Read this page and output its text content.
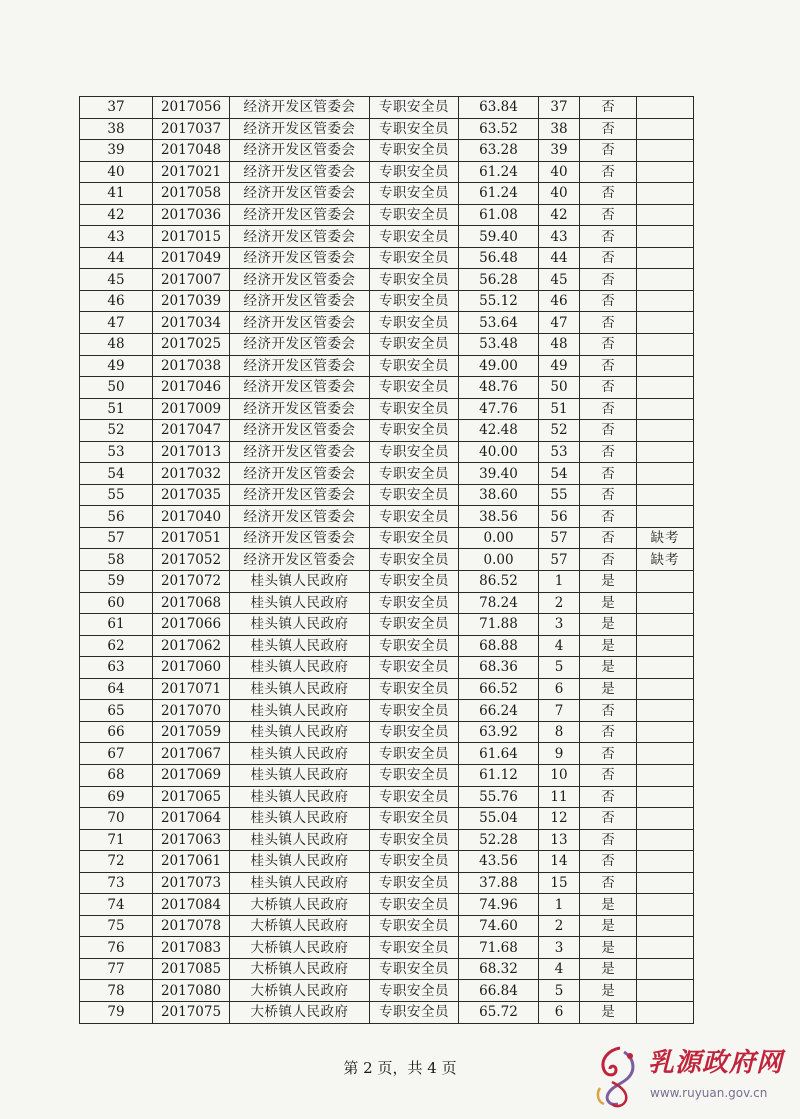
37	2017056	经济开发区管委会	专职安全员	63.84	37	否	
38	2017037	经济开发区管委会	专职安全员	63.52	38	否	
39	2017048	经济开发区管委会	专职安全员	63.28	39	否	
40	2017021	经济开发区管委会	专职安全员	61.24	40	否	
41	2017058	经济开发区管委会	专职安全员	61.24	40	否	
42	2017036	经济开发区管委会	专职安全员	61.08	42	否	
43	2017015	经济开发区管委会	专职安全员	59.40	43	否	
44	2017049	经济开发区管委会	专职安全员	56.48	44	否	
45	2017007	经济开发区管委会	专职安全员	56.28	45	否	
46	2017039	经济开发区管委会	专职安全员	55.12	46	否	
47	2017034	经济开发区管委会	专职安全员	53.64	47	否	
48	2017025	经济开发区管委会	专职安全员	53.48	48	否	
49	2017038	经济开发区管委会	专职安全员	49.00	49	否	
50	2017046	经济开发区管委会	专职安全员	48.76	50	否	
51	2017009	经济开发区管委会	专职安全员	47.76	51	否	
52	2017047	经济开发区管委会	专职安全员	42.48	52	否	
53	2017013	经济开发区管委会	专职安全员	40.00	53	否	
54	2017032	经济开发区管委会	专职安全员	39.40	54	否	
55	2017035	经济开发区管委会	专职安全员	38.60	55	否	
56	2017040	经济开发区管委会	专职安全员	38.56	56	否	
57	2017051	经济开发区管委会	专职安全员	0.00	57	否	缺考
58	2017052	经济开发区管委会	专职安全员	0.00	57	否	缺考
59	2017072	桂头镇人民政府	专职安全员	86.52	1	是	
60	2017068	桂头镇人民政府	专职安全员	78.24	2	是	
61	2017066	桂头镇人民政府	专职安全员	71.88	3	是	
62	2017062	桂头镇人民政府	专职安全员	68.88	4	是	
63	2017060	桂头镇人民政府	专职安全员	68.36	5	是	
64	2017071	桂头镇人民政府	专职安全员	66.52	6	是	
65	2017070	桂头镇人民政府	专职安全员	66.24	7	否	
66	2017059	桂头镇人民政府	专职安全员	63.92	8	否	
67	2017067	桂头镇人民政府	专职安全员	61.64	9	否	
68	2017069	桂头镇人民政府	专职安全员	61.12	10	否	
69	2017065	桂头镇人民政府	专职安全员	55.76	11	否	
70	2017064	桂头镇人民政府	专职安全员	55.04	12	否	
71	2017063	桂头镇人民政府	专职安全员	52.28	13	否	
72	2017061	桂头镇人民政府	专职安全员	43.56	14	否	
73	2017073	桂头镇人民政府	专职安全员	37.88	15	否	
74	2017084	大桥镇人民政府	专职安全员	74.96	1	是	
75	2017078	大桥镇人民政府	专职安全员	74.60	2	是	
76	2017083	大桥镇人民政府	专职安全员	71.68	3	是	
77	2017085	大桥镇人民政府	专职安全员	68.32	4	是	
78	2017080	大桥镇人民政府	专职安全员	66.84	5	是	
79	2017075	大桥镇人民政府	专职安全员	65.72	6	是	
第 2 页，共 4 页	乳源政府网
www.ruyuan.gov.cn
